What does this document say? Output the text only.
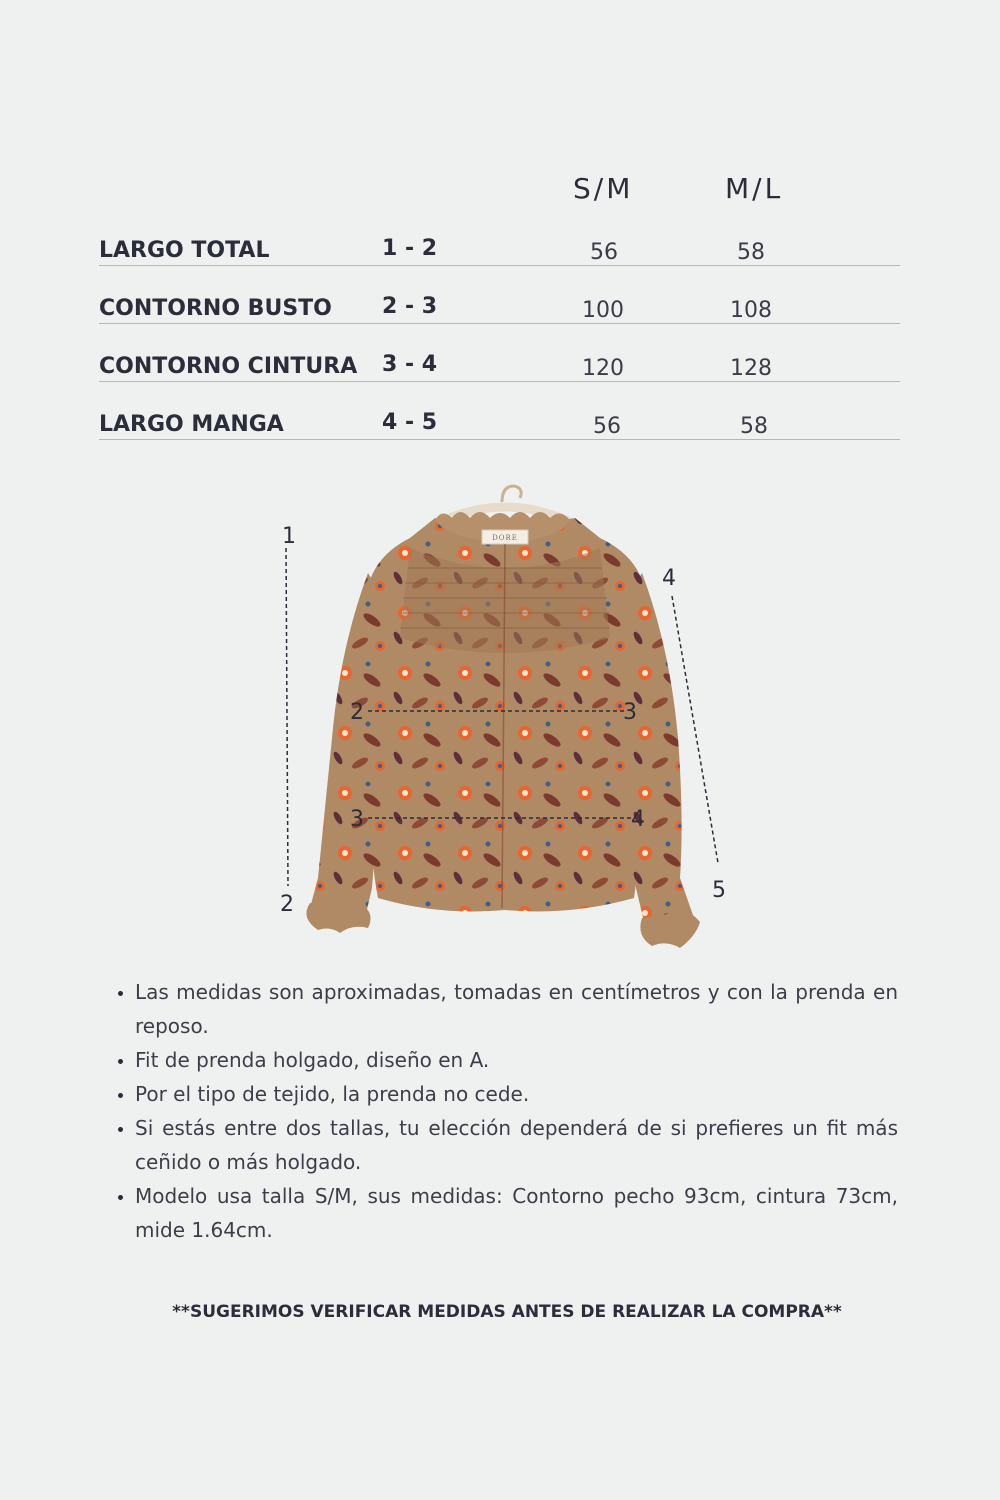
S/M	M/L
LARGO TOTAL	1 - 2	56	58
CONTORNO BUSTO 2 - 3	100	108
CONTORNO CINTURA 3 - 4	120	128
LARGO MANGA	4 - 5	56	58
DORE
1
2
2	3
3	4
4
5
• Las medidas son aproximadas, tomadas en centímetros y con la prenda en reposo.
• Fit de prenda holgado, diseño en A.
• Por el tipo de tejido, la prenda no cede.
• Si estás entre dos tallas, tu elección dependerá de si prefieres un fit más ceñido o más holgado.
• Modelo usa talla S/M, sus medidas: Contorno pecho 93cm, cintura 73cm, mide 1.64cm.
**SUGERIMOS VERIFICAR MEDIDAS ANTES DE REALIZAR LA COMPRA**
